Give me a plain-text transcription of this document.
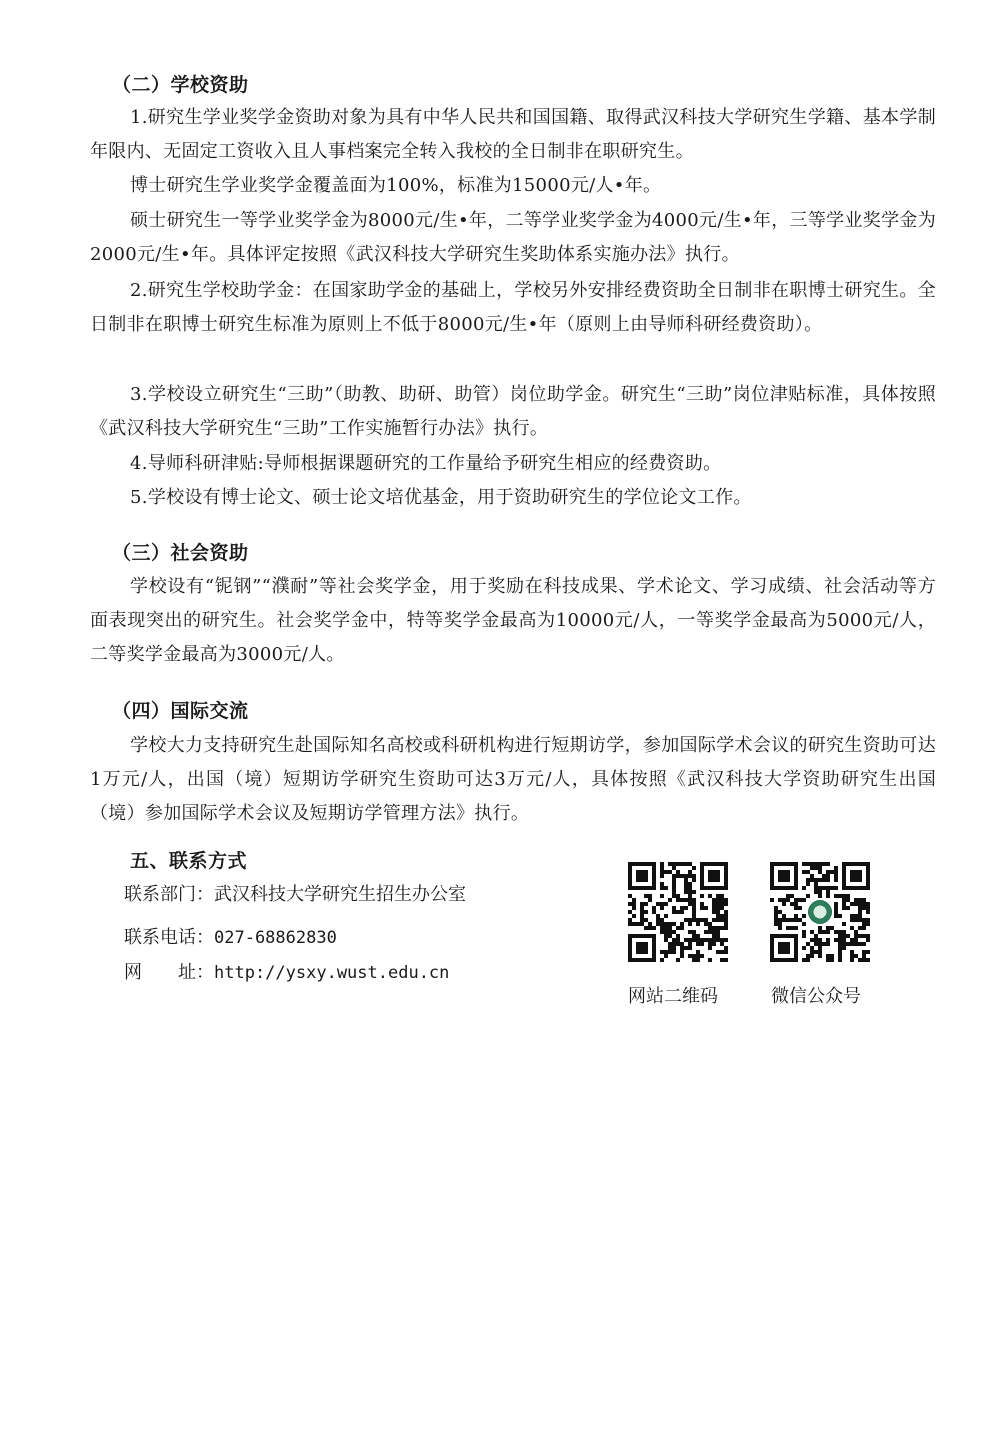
（二）学校资助
1.研究生学业奖学金资助对象为具有中华人民共和国国籍、取得武汉科技大学研究生学籍、基本学制年限内、无固定工资收入且人事档案完全转入我校的全日制非在职研究生。
博士研究生学业奖学金覆盖面为100%，标准为15000元/人•年。
硕士研究生一等学业奖学金为8000元/生•年，二等学业奖学金为4000元/生•年，三等学业奖学金为2000元/生•年。具体评定按照《武汉科技大学研究生奖助体系实施办法》执行。
2.研究生学校助学金：在国家助学金的基础上，学校另外安排经费资助全日制非在职博士研究生。全日制非在职博士研究生标准为原则上不低于8000元/生•年（原则上由导师科研经费资助）。
3.学校设立研究生“三助”（助教、助研、助管）岗位助学金。研究生“三助”岗位津贴标准，具体按照《武汉科技大学研究生“三助”工作实施暂行办法》执行。
4.导师科研津贴:导师根据课题研究的工作量给予研究生相应的经费资助。
5.学校设有博士论文、硕士论文培优基金，用于资助研究生的学位论文工作。
（三）社会资助
学校设有“铌钢”“濮耐”等社会奖学金，用于奖励在科技成果、学术论文、学习成绩、社会活动等方面表现突出的研究生。社会奖学金中，特等奖学金最高为10000元/人，一等奖学金最高为5000元/人，二等奖学金最高为3000元/人。
（四）国际交流
学校大力支持研究生赴国际知名高校或科研机构进行短期访学，参加国际学术会议的研究生资助可达1万元/人，出国（境）短期访学研究生资助可达3万元/人，具体按照《武汉科技大学资助研究生出国（境）参加国际学术会议及短期访学管理方法》执行。
五、联系方式
联系部门：武汉科技大学研究生招生办公室
联系电话：027-68862830
网　　址：http://ysxy.wust.edu.cn
网站二维码	微信公众号
